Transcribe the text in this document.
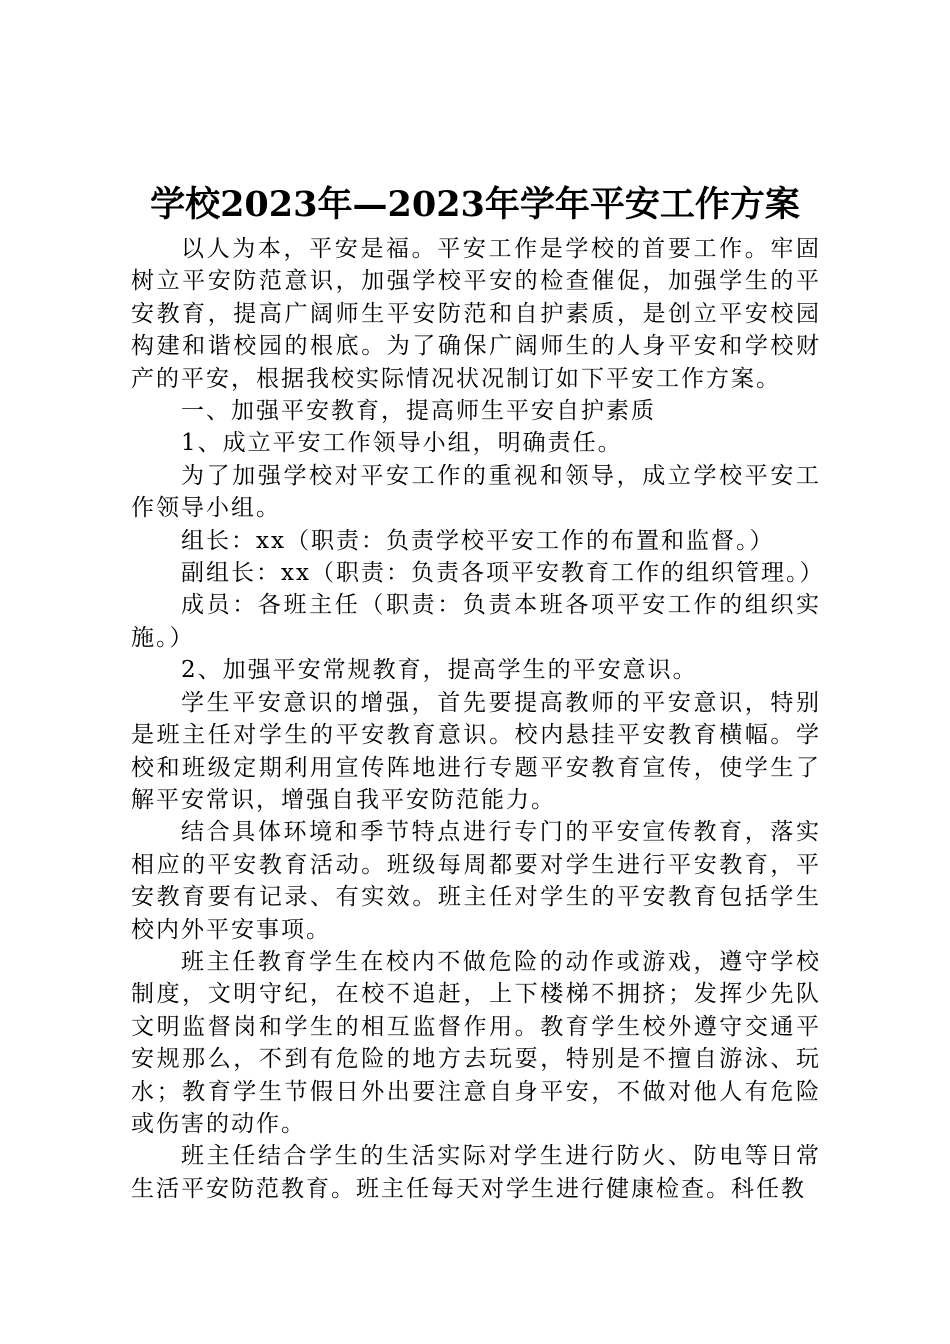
学校2023年—2023年学年平安工作方案

以人为本，平安是福。平安工作是学校的首要工作。牢固树立平安防范意识，加强学校平安的检查催促，加强学生的平安教育，提高广阔师生平安防范和自护素质，是创立平安校园构建和谐校园的根底。为了确保广阔师生的人身平安和学校财产的平安，根据我校实际情况状况制订如下平安工作方案。

一、加强平安教育，提高师生平安自护素质

1、成立平安工作领导小组，明确责任。

为了加强学校对平安工作的重视和领导，成立学校平安工作领导小组。

组长：xx（职责：负责学校平安工作的布置和监督。）

副组长：xx（职责：负责各项平安教育工作的组织管理。）

成员：各班主任（职责：负责本班各项平安工作的组织实施。）

2、加强平安常规教育，提高学生的平安意识。

学生平安意识的增强，首先要提高教师的平安意识，特别是班主任对学生的平安教育意识。校内悬挂平安教育横幅。学校和班级定期利用宣传阵地进行专题平安教育宣传，使学生了解平安常识，增强自我平安防范能力。

结合具体环境和季节特点进行专门的平安宣传教育，落实相应的平安教育活动。班级每周都要对学生进行平安教育，平安教育要有记录、有实效。班主任对学生的平安教育包括学生校内外平安事项。

班主任教育学生在校内不做危险的动作或游戏，遵守学校制度，文明守纪，在校不追赶，上下楼梯不拥挤；发挥少先队文明监督岗和学生的相互监督作用。教育学生校外遵守交通平安规那么，不到有危险的地方去玩耍，特别是不擅自游泳、玩水；教育学生节假日外出要注意自身平安，不做对他人有危险或伤害的动作。

班主任结合学生的生活实际对学生进行防火、防电等日常生活平安防范教育。班主任每天对学生进行健康检查。科任教
